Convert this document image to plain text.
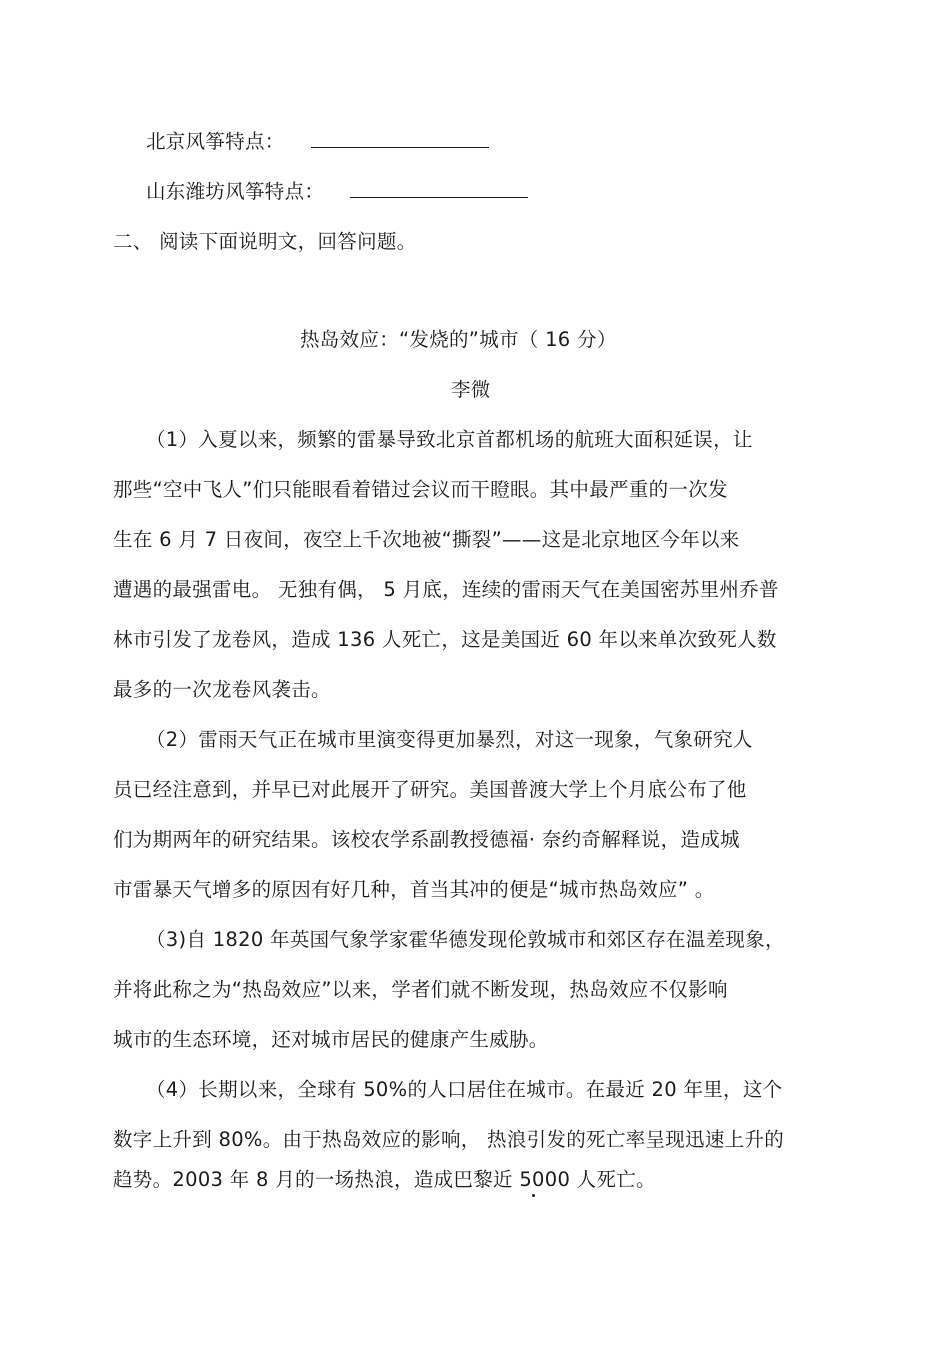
北京风筝特点：
山东潍坊风筝特点：
二、 阅读下面说明文，回答问题。
热岛效应：“发烧的”城市（ 16 分）
李微
（1）入夏以来，频繁的雷暴导致北京首都机场的航班大面积延误，让
那些“空中飞人”们只能眼看着错过会议而干瞪眼。其中最严重的一次发
生在 6 月 7 日夜间，夜空上千次地被“撕裂”——这是北京地区今年以来
遭遇的最强雷电。 无独有偶， 5 月底，连续的雷雨天气在美国密苏里州乔普
林市引发了龙卷风，造成 136 人死亡，这是美国近 60 年以来单次致死人数
最多的一次龙卷风袭击。
（2）雷雨天气正在城市里演变得更加暴烈，对这一现象，气象研究人
员已经注意到，并早已对此展开了研究。美国普渡大学上个月底公布了他
们为期两年的研究结果。该校农学系副教授德福· 奈约奇解释说，造成城
市雷暴天气增多的原因有好几种，首当其冲的便是“城市热岛效应” 。
（3)自 1820 年英国气象学家霍华德发现伦敦城市和郊区存在温差现象，
并将此称之为“热岛效应”以来，学者们就不断发现，热岛效应不仅影响
城市的生态环境，还对城市居民的健康产生威胁。
（4）长期以来，全球有 50%的人口居住在城市。在最近 20 年里，这个
数字上升到 80%。由于热岛效应的影响， 热浪引发的死亡率呈现迅速上升的
趋势。2003 年 8 月的一场热浪，造成巴黎近 5000 人死亡。
